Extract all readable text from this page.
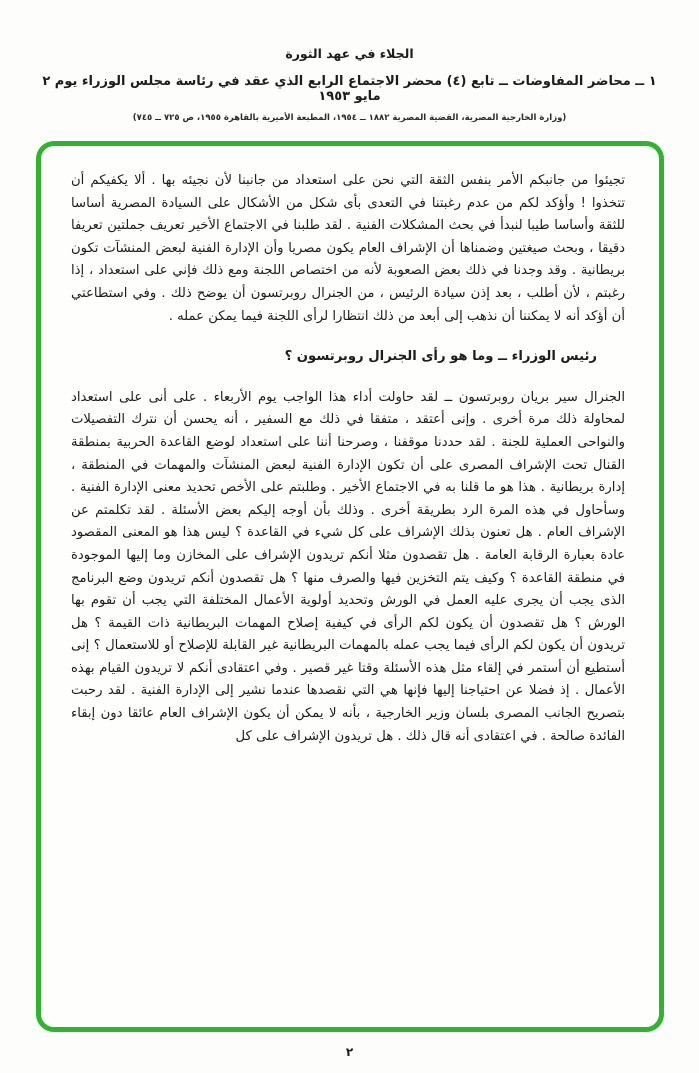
الجلاء في عهد الثورة
١ ــ محاضر المفاوضات ــ تابع (٤) محضر الاجتماع الرابع الذي عقد في رئاسة مجلس الوزراء يوم ٢ مايو ١٩٥٣
(وزارة الخارجية المصرية، القضية المصرية ١٨٨٢ ــ ١٩٥٤، المطبعة الأميرية بالقاهرة ١٩٥٥، ص ٧٢٥ ــ ٧٤٥)

تجيئوا من جانبكم الأمر بنفس الثقة التي نحن على استعداد من جانبنا لأن نجيئه بها . ألا يكفيكم أن تتخذوا ! وأؤكد لكم من عدم رغبتنا في التعدى بأى شكل من الأشكال على السيادة المصرية أساسا للثقة وأساسا طيبا لنبدأ في بحث المشكلات الفنية . لقد طلبنا في الاجتماع الأخير تعريف جملتين تعريفا دقيقا ، وبحث صيغتين وضمناها أن الإشراف العام يكون مصريا وأن الإدارة الفنية لبعض المنشآت تكون بريطانية . وقد وجدنا في ذلك بعض الصعوبة لأنه من اختصاص اللجنة ومع ذلك فإني على استعداد ، إذا رغبتم ، لأن أطلب ، بعد إذن سيادة الرئيس ، من الجنرال روبرتسون أن يوضح ذلك . وفي استطاعتي أن أؤكد أنه لا يمكننا أن نذهب إلى أبعد من ذلك انتظارا لرأى اللجنة فيما يمكن عمله .

رئيس الوزراء ــ وما هو رأى الجنرال روبرتسون ؟

الجنرال سير بريان روبرتسون ــ لقد حاولت أداء هذا الواجب يوم الأربعاء . على أنى على استعداد لمحاولة ذلك مرة أخرى . وإنى أعتقد ، متفقا في ذلك مع السفير ، أنه يحسن أن نترك التفصيلات والنواحى العملية للجنة . لقد حددنا موقفنا ، وصرحنا أننا على استعداد لوضع القاعدة الحربية بمنطقة القنال تحت الإشراف المصرى على أن تكون الإدارة الفنية لبعض المنشآت والمهمات في المنطقة ، إدارة بريطانية . هذا هو ما قلنا به في الاجتماع الأخير . وطلبتم على الأخص تحديد معنى الإدارة الفنية . وسأحاول في هذه المرة الرد بطريقة أخرى . وذلك بأن أوجه إليكم بعض الأسئلة . لقد تكلمتم عن الإشراف العام . هل تعنون بذلك الإشراف على كل شيء في القاعدة ؟ ليس هذا هو المعنى المقصود عادة بعبارة الرقابة العامة . هل تقصدون مثلا أنكم تريدون الإشراف على المخازن وما إليها الموجودة في منطقة القاعدة ؟ وكيف يتم التخزين فيها والصرف منها ؟ هل تقصدون أنكم تريدون وضع البرنامج الذى يجب أن يجرى عليه العمل في الورش وتحديد أولوية الأعمال المختلفة التي يجب أن تقوم بها الورش ؟ هل تقصدون أن يكون لكم الرأى في كيفية إصلاح المهمات البريطانية ذات القيمة ؟ هل تريدون أن يكون لكم الرأى فيما يجب عمله بالمهمات البريطانية غير القابلة للإصلاح أو للاستعمال ؟ إنى أستطيع أن أستمر في إلقاء مثل هذه الأسئلة وقتا غير قصير . وفي اعتقادى أنكم لا تريدون القيام بهذه الأعمال . إذ فضلا عن احتياجنا إليها فإنها هي التي نقصدها عندما نشير إلى الإدارة الفنية . لقد رحبت بتصريح الجانب المصرى بلسان وزير الخارجية ، بأنه لا يمكن أن يكون الإشراف العام عائقا دون إبقاء الفائدة صالحة . في اعتقادى أنه قال ذلك . هل تريدون الإشراف على كل

٢
